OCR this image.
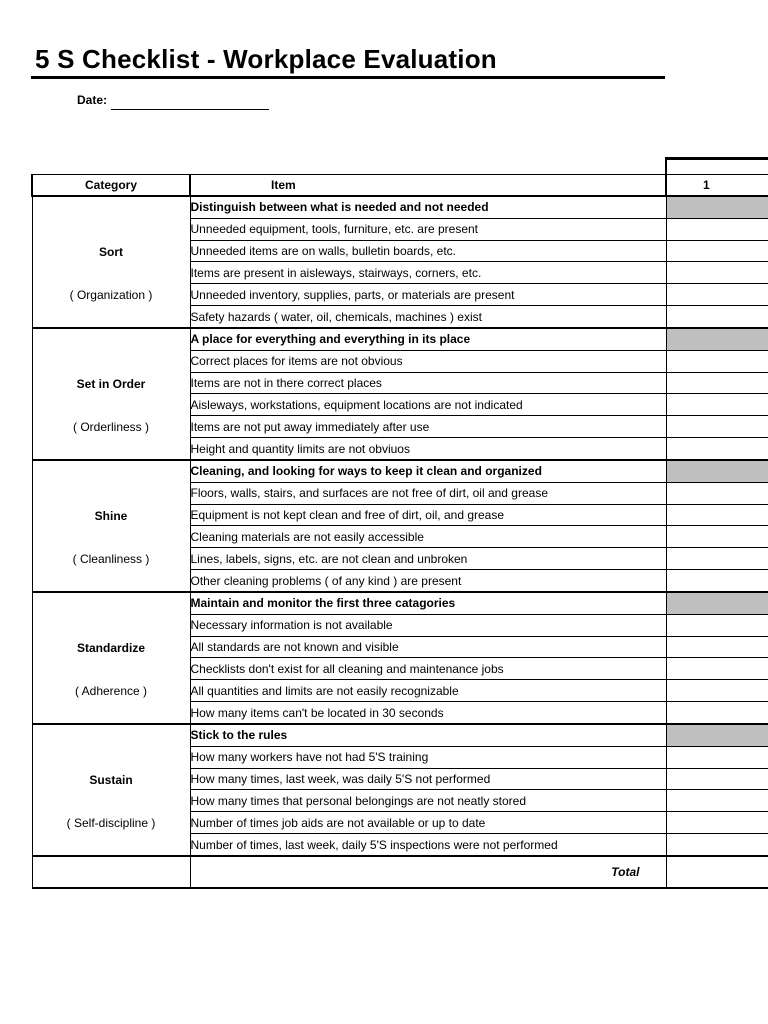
5 S Checklist - Workplace Evaluation
Date:
Category	Item	1

Sort
( Organization )	Distinguish between what is needed and not needed	
	Unneeded equipment, tools, furniture, etc. are present	
	Unneeded items are on walls, bulletin boards, etc.	
	Items are present in aisleways, stairways, corners, etc.	
	Unneeded inventory, supplies, parts, or materials are present	
	Safety hazards ( water, oil, chemicals, machines ) exist	

Set in Order
( Orderliness )	A place for everything and everything in its place	
	Correct places for items are not obvious	
	Items are not in there correct places	
	Aisleways, workstations, equipment locations are not indicated	
	Items are not put away immediately after use	
	Height and quantity limits are not obviuos	

Shine
( Cleanliness )	Cleaning, and looking for ways to keep it clean and organized	
	Floors, walls, stairs, and surfaces are not free of dirt, oil and grease	
	Equipment is not kept clean and free of dirt, oil, and grease	
	Cleaning materials are not easily accessible	
	Lines, labels, signs, etc. are not clean and unbroken	
	Other cleaning problems ( of any kind ) are present	

Standardize
( Adherence )	Maintain and monitor the first three catagories	
	Necessary information is not available	
	All standards are not known and visible	
	Checklists don't exist for all cleaning and maintenance jobs	
	All quantities and limits are not easily recognizable	
	How many items can't be located in 30 seconds	

Sustain
( Self-discipline )	Stick to the rules	
	How many workers have not had 5'S training	
	How many times, last week, was daily 5'S not performed	
	How many times that personal belongings are not neatly stored	
	Number of times job aids are not available or up to date	
	Number of times, last week, daily 5'S inspections were not performed	
	Total	
